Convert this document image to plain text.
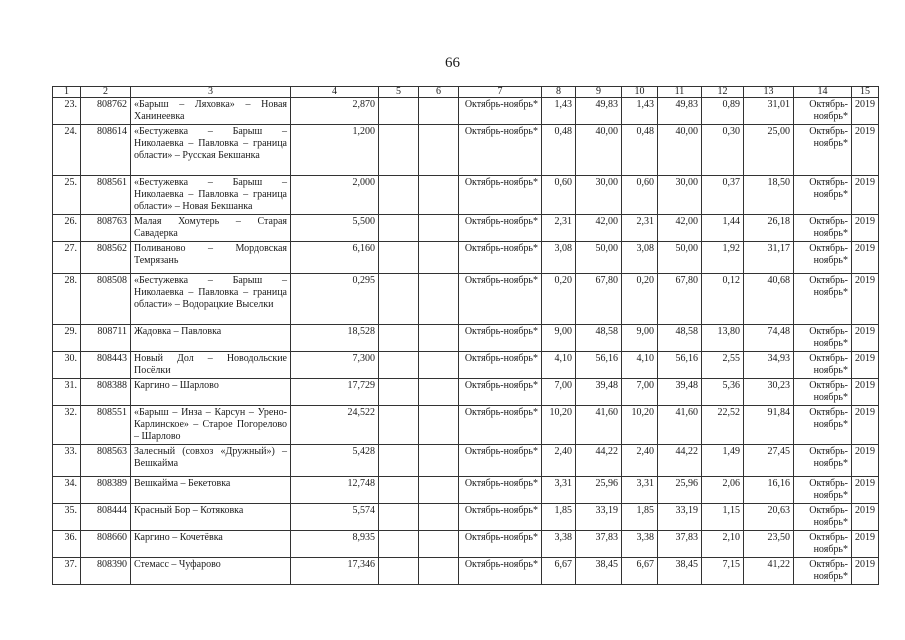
66
1	2	3	4	5	6	7	8	9	10	11	12	13	14	15
23.	808762	«Барыш – Ляховка» – Новая Ханинеевка	2,870			Октябрь-ноябрь*	1,43	49,83	1,43	49,83	0,89	31,01	Октябрь-ноябрь*	2019
24.	808614	«Бестужевка – Барыш – Николаевка – Павловка – граница области» – Русская Бекшанка	1,200			Октябрь-ноябрь*	0,48	40,00	0,48	40,00	0,30	25,00	Октябрь-ноябрь*	2019
25.	808561	«Бестужевка – Барыш – Николаевка – Павловка – граница области» – Новая Бекшанка	2,000			Октябрь-ноябрь*	0,60	30,00	0,60	30,00	0,37	18,50	Октябрь-ноябрь*	2019
26.	808763	Малая Хомутерь – Старая Савадерка	5,500			Октябрь-ноябрь*	2,31	42,00	2,31	42,00	1,44	26,18	Октябрь-ноябрь*	2019
27.	808562	Поливаново – Мордовская Темрязань	6,160			Октябрь-ноябрь*	3,08	50,00	3,08	50,00	1,92	31,17	Октябрь-ноябрь*	2019
28.	808508	«Бестужевка – Барыш – Николаевка – Павловка – граница области» – Водорацкие Выселки	0,295			Октябрь-ноябрь*	0,20	67,80	0,20	67,80	0,12	40,68	Октябрь-ноябрь*	2019
29.	808711	Жадовка – Павловка	18,528			Октябрь-ноябрь*	9,00	48,58	9,00	48,58	13,80	74,48	Октябрь-ноябрь*	2019
30.	808443	Новый Дол – Новодольские Посёлки	7,300			Октябрь-ноябрь*	4,10	56,16	4,10	56,16	2,55	34,93	Октябрь-ноябрь*	2019
31.	808388	Каргино – Шарлово	17,729			Октябрь-ноябрь*	7,00	39,48	7,00	39,48	5,36	30,23	Октябрь-ноябрь*	2019
32.	808551	«Барыш – Инза – Карсун – Урено-Карлинское» – Старое Погорелово – Шарлово	24,522			Октябрь-ноябрь*	10,20	41,60	10,20	41,60	22,52	91,84	Октябрь-ноябрь*	2019
33.	808563	Залесный (совхоз «Дружный») – Вешкайма	5,428			Октябрь-ноябрь*	2,40	44,22	2,40	44,22	1,49	27,45	Октябрь-ноябрь*	2019
34.	808389	Вешкайма – Бекетовка	12,748			Октябрь-ноябрь*	3,31	25,96	3,31	25,96	2,06	16,16	Октябрь-ноябрь*	2019
35.	808444	Красный Бор – Котяковка	5,574			Октябрь-ноябрь*	1,85	33,19	1,85	33,19	1,15	20,63	Октябрь-ноябрь*	2019
36.	808660	Каргино – Кочетёвка	8,935			Октябрь-ноябрь*	3,38	37,83	3,38	37,83	2,10	23,50	Октябрь-ноябрь*	2019
37.	808390	Стемасс – Чуфарово	17,346			Октябрь-ноябрь*	6,67	38,45	6,67	38,45	7,15	41,22	Октябрь-ноябрь*	2019
